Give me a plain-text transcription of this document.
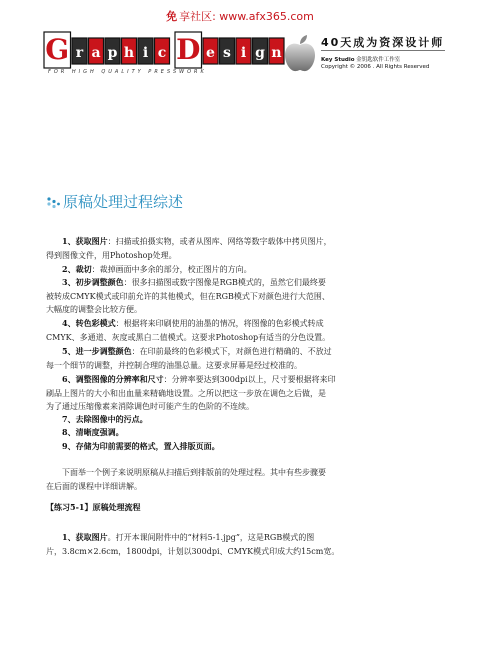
免 享社区: www.afx365.com
G r a p h i c D e s i g n
FOR HIGH QUALITY PRESSWORK
40天成为资深设计师
Key Studio 金钥匙软件工作室
Copyright © 2006 . All Rights Reserved
原稿处理过程综述
1、获取图片：扫描或拍摄实物，或者从图库、网络等数字载体中拷贝图片，
得到图像文件，用Photoshop处理。
2、裁切：裁掉画面中多余的部分，校正图片的方向。
3、初步调整颜色：很多扫描图或数字图像是RGB模式的，虽然它们最终要
被转成CMYK模式或印前允许的其他模式，但在RGB模式下对颜色进行大范围、
大幅度的调整会比较方便。
4、转色彩模式：根据将来印刷使用的油墨的情况，将图像的色彩模式转成
CMYK、多通道、灰度或黑白二值模式。这要求Photoshop有适当的分色设置。
5、进一步调整颜色：在印前最终的色彩模式下，对颜色进行精确的、不放过
每一个细节的调整，并控制合理的油墨总量。这要求屏幕是经过校准的。
6、调整图像的分辨率和尺寸：分辨率要达到300dpi以上，尺寸要根据将来印
刷品上图片的大小和出血量来精确地设置。之所以把这一步放在调色之后做，是
为了通过压缩像素来消除调色时可能产生的色阶的不连续。
7、去除图像中的污点。
8、清晰度强调。
9、存储为印前需要的格式，置入排版页面。
下面举一个例子来说明原稿从扫描后到排版前的处理过程。其中有些步骤要
在后面的课程中详细讲解。
【练习5-1】原稿处理流程
1、获取图片。打开本课间附件中的“材料5-1.jpg”，这是RGB模式的图
片，3.8cm×2.6cm，1800dpi，计划以300dpi、CMYK模式印成大约15cm宽。
